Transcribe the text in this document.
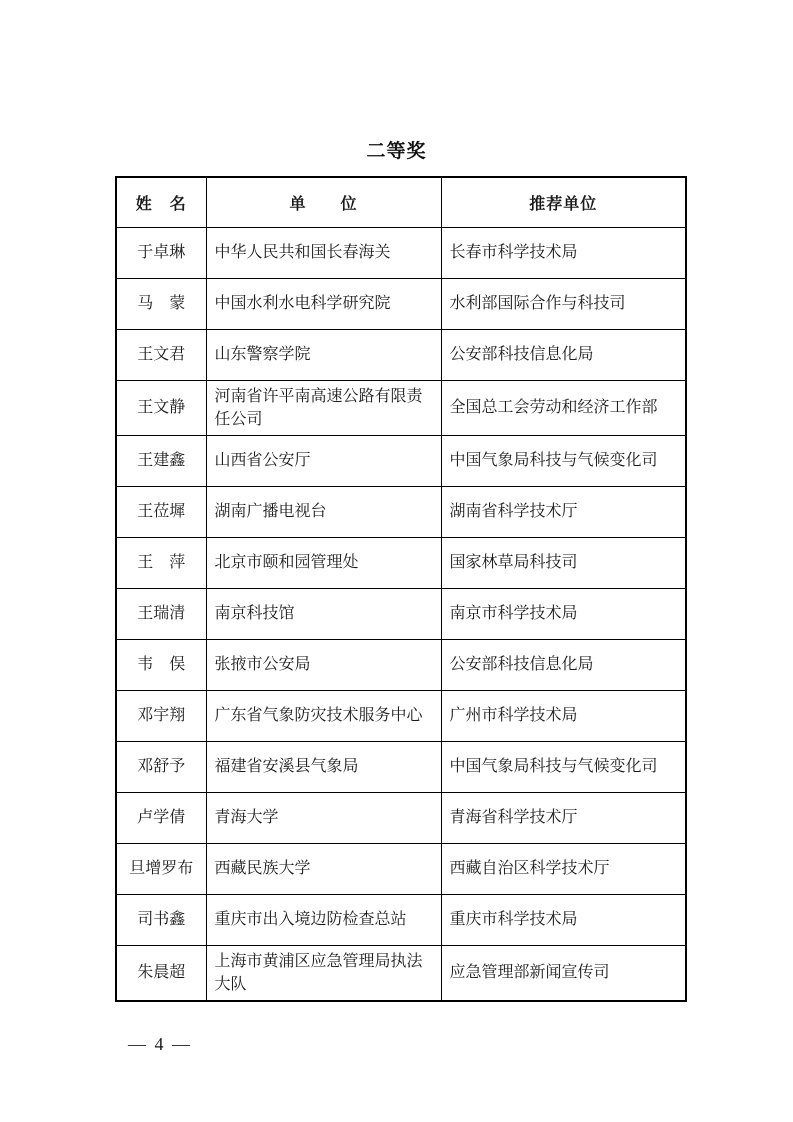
二等奖
姓　名	单　　位	推荐单位
于卓琳	中华人民共和国长春海关	长春市科学技术局
马　蒙	中国水利水电科学研究院	水利部国际合作与科技司
王文君	山东警察学院	公安部科技信息化局
王文静	河南省许平南高速公路有限责任公司	全国总工会劳动和经济工作部
王建鑫	山西省公安厅	中国气象局科技与气候变化司
王莅墀	湖南广播电视台	湖南省科学技术厅
王　萍	北京市颐和园管理处	国家林草局科技司
王瑞清	南京科技馆	南京市科学技术局
韦　俣	张掖市公安局	公安部科技信息化局
邓宇翔	广东省气象防灾技术服务中心	广州市科学技术局
邓舒予	福建省安溪县气象局	中国气象局科技与气候变化司
卢学倩	青海大学	青海省科学技术厅
旦增罗布	西藏民族大学	西藏自治区科学技术厅
司书鑫	重庆市出入境边防检查总站	重庆市科学技术局
朱晨超	上海市黄浦区应急管理局执法大队	应急管理部新闻宣传司
— 4 —
